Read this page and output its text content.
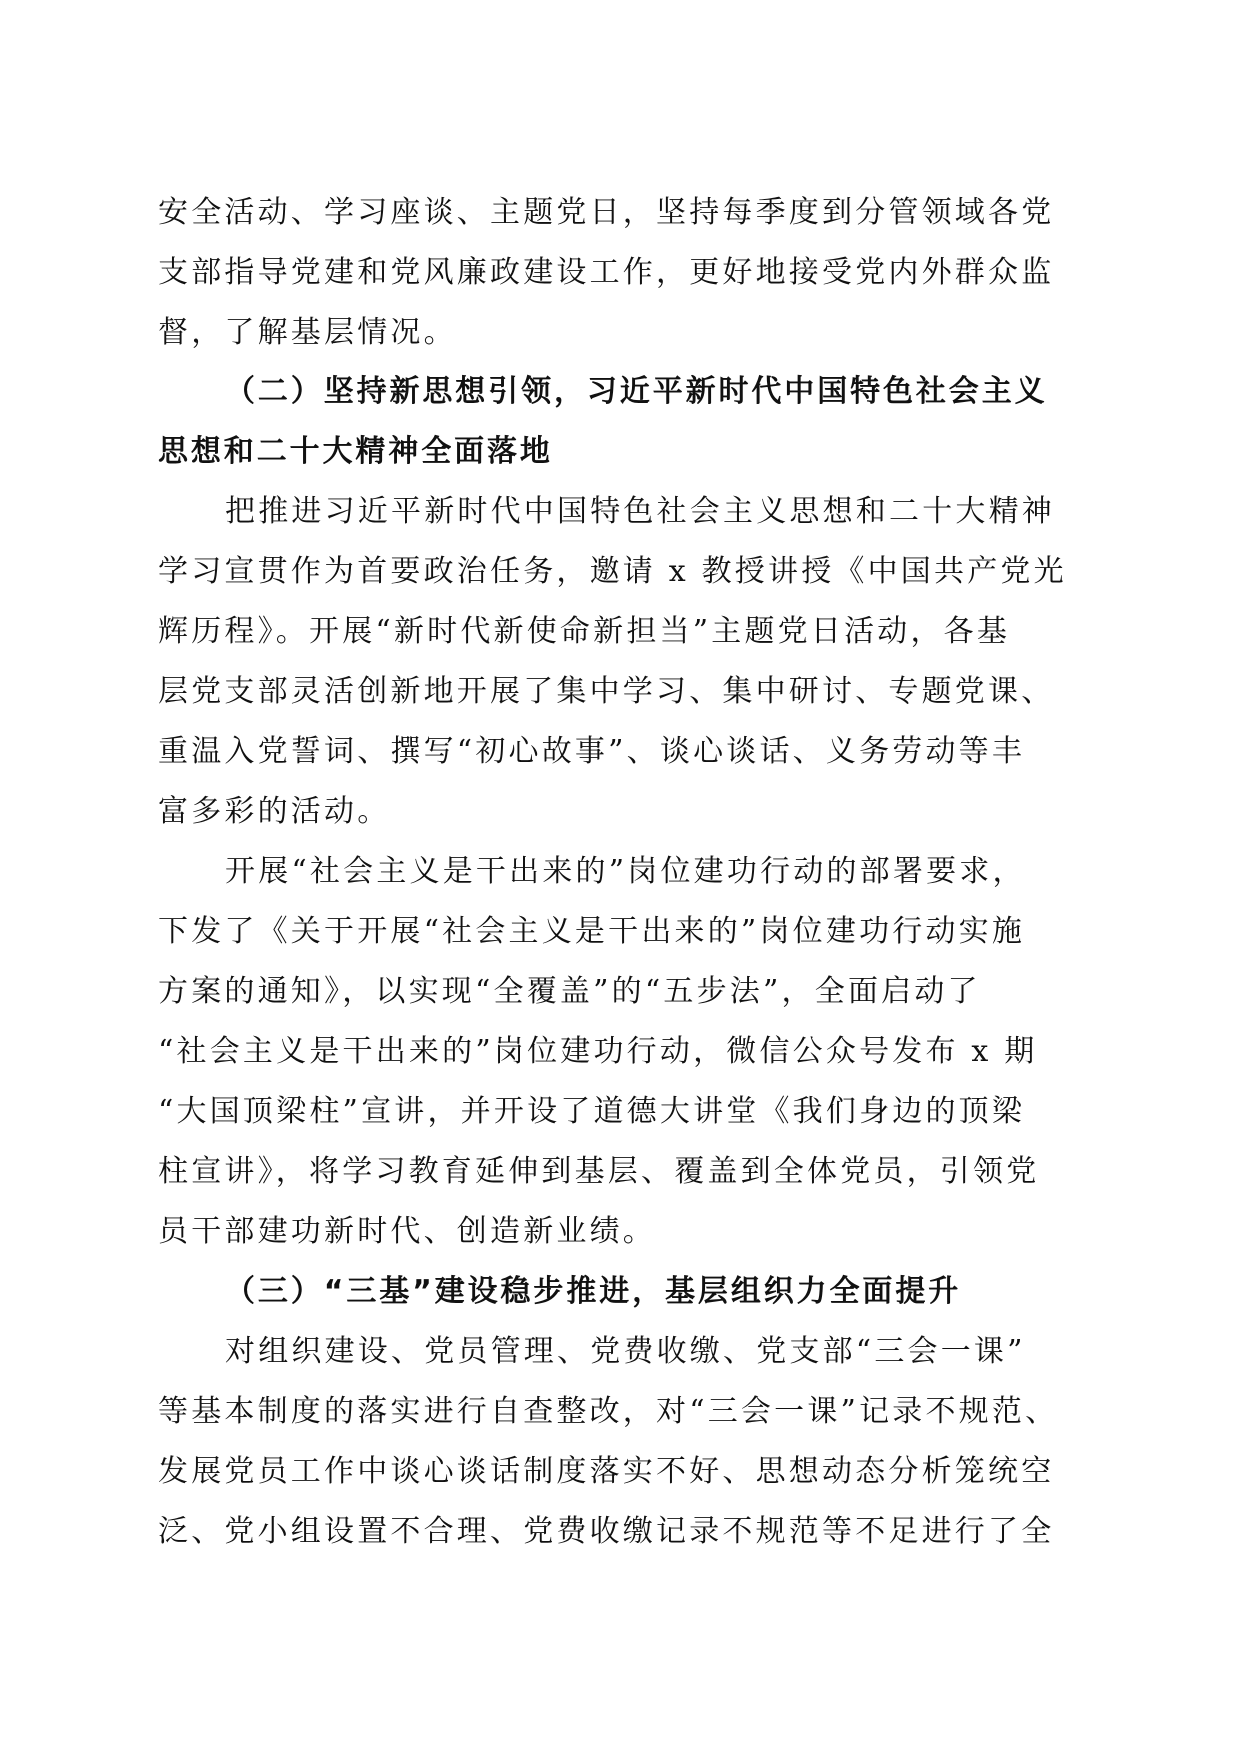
安全活动、学习座谈、主题党日，坚持每季度到分管领域各党
支部指导党建和党风廉政建设工作，更好地接受党内外群众监
督，了解基层情况。
（二）坚持新思想引领，习近平新时代中国特色社会主义
思想和二十大精神全面落地
把推进习近平新时代中国特色社会主义思想和二十大精神
学习宣贯作为首要政治任务，邀请 x 教授讲授《中国共产党光
辉历程》。开展“新时代新使命新担当”主题党日活动，各基
层党支部灵活创新地开展了集中学习、集中研讨、专题党课、
重温入党誓词、撰写“初心故事”、谈心谈话、义务劳动等丰
富多彩的活动。
开展“社会主义是干出来的”岗位建功行动的部署要求，
下发了《关于开展“社会主义是干出来的”岗位建功行动实施
方案的通知》，以实现“全覆盖”的“五步法”，全面启动了
“社会主义是干出来的”岗位建功行动，微信公众号发布 x 期
“大国顶梁柱”宣讲，并开设了道德大讲堂《我们身边的顶梁
柱宣讲》，将学习教育延伸到基层、覆盖到全体党员，引领党
员干部建功新时代、创造新业绩。
（三）“三基”建设稳步推进，基层组织力全面提升
对组织建设、党员管理、党费收缴、党支部“三会一课”
等基本制度的落实进行自查整改，对“三会一课”记录不规范、
发展党员工作中谈心谈话制度落实不好、思想动态分析笼统空
泛、党小组设置不合理、党费收缴记录不规范等不足进行了全
